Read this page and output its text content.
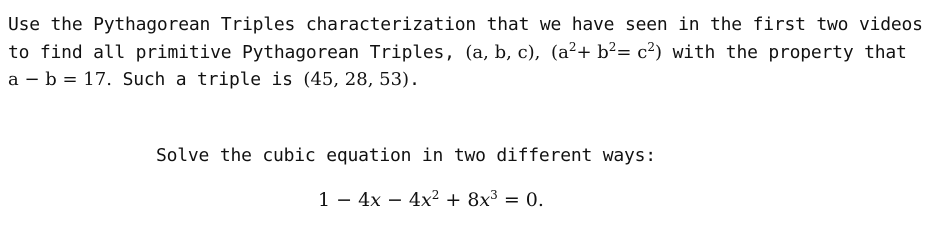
Use the Pythagorean Triples characterization that we have seen in the first two videos
to find all primitive Pythagorean Triples, (a, b, c), $(a^2+ b^2= c^2)$ with the property that
a − b = 17. Such a triple is (45, 28, 53).
Solve the cubic equation in two different ways:
$1 - 4x - 4x^2 + 8x^3 = 0$.
